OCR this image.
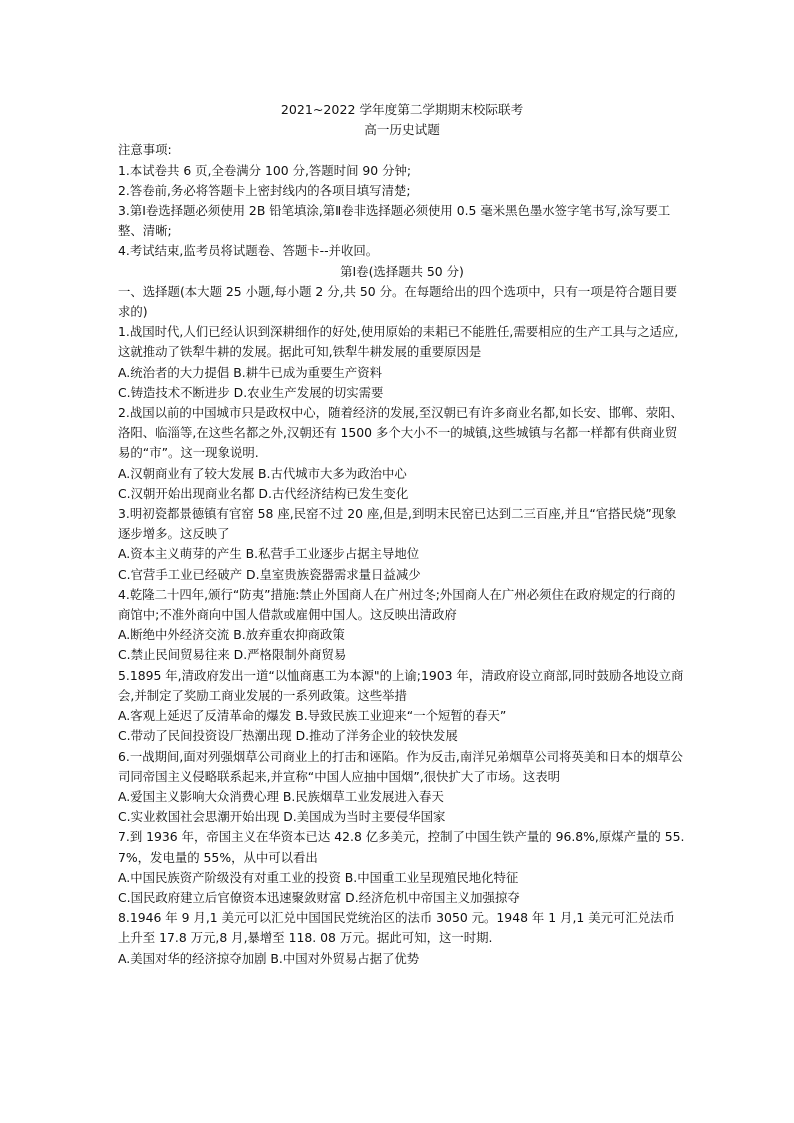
2021~2022 学年度第二学期期末校际联考
高一历史试题
注意事项:
1.本试卷共 6 页,全卷满分 100 分,答题时间 90 分钟;
2.答卷前,务必将答题卡上密封线内的各项目填写清楚;
3.第Ⅰ卷选择题必须使用 2B 铅笔填涂,第Ⅱ卷非选择题必须使用 0.5 毫米黑色墨水签字笔书写,涂写要工整、清晰;
4.考试结束,监考员将试题卷、答题卡--并收回。
第Ⅰ卷(选择题共 50 分)
一、选择题(本大题 25 小题,每小题 2 分,共 50 分。在每题给出的四个选项中，只有一项是符合题目要求的)
1.战国时代,人们已经认识到深耕细作的好处,使用原始的耒耜已不能胜任,需要相应的生产工具与之适应,这就推动了铁犁牛耕的发展。据此可知,铁犁牛耕发展的重要原因是
A.统治者的大力提倡 B.耕牛已成为重要生产资料
C.铸造技术不断进步 D.农业生产发展的切实需要
2.战国以前的中国城市只是政权中心，随着经济的发展,至汉朝已有许多商业名都,如长安、邯郸、荥阳、洛阳、临淄等,在这些名都之外,汉朝还有 1500 多个大小不一的城镇,这些城镇与名都一样都有供商业贸易的“市”。这一现象说明.
A.汉朝商业有了较大发展 B.古代城市大多为政治中心
C.汉朝开始出现商业名都 D.古代经济结构已发生变化
3.明初瓷都景德镇有官窑 58 座,民窑不过 20 座,但是,到明末民窑已达到二三百座,并且“官搭民烧”现象逐步增多。这反映了
A.资本主义萌芽的产生 B.私营手工业逐步占据主导地位
C.官营手工业已经破产 D.皇室贵族瓷器需求量日益减少
4.乾隆二十四年,颁行“防夷”措施:禁止外国商人在广州过冬;外国商人在广州必须住在政府规定的行商的商馆中;不准外商向中国人借款或雇佣中国人。这反映出清政府
A.断绝中外经济交流 B.放弃重农抑商政策
C.禁止民间贸易往来 D.严格限制外商贸易
5.1895 年,清政府发出一道“以恤商惠工为本源"的上谕;1903 年，清政府设立商部,同时鼓励各地设立商会,并制定了奖励工商业发展的一系列政策。这些举措
A.客观上延迟了反清革命的爆发 B.导致民族工业迎来“一个短暂的春天”
C.带动了民间投资设厂热潮出现 D.推动了洋务企业的较快发展
6.一战期间,面对列强烟草公司商业上的打击和诬陷。作为反击,南洋兄弟烟草公司将英美和日本的烟草公司同帝国主义侵略联系起来,并宣称“中国人应抽中国烟”,很快扩大了市场。这表明
A.爱国主义影响大众消费心理 B.民族烟草工业发展进入春天
C.实业救国社会思潮开始出现 D.美国成为当时主要侵华国家
7.到 1936 年，帝国主义在华资本已达 42.8 亿多美元，控制了中国生铁产量的 96.8%,原煤产量的 55.7%，发电量的 55%，从中可以看出
A.中国民族资产阶级没有对重工业的投资 B.中国重工业呈现殖民地化特征
C.国民政府建立后官僚资本迅速聚敛财富 D.经济危机中帝国主义加强掠夺
8.1946 年 9 月,1 美元可以汇兑中国国民党统治区的法币 3050 元。1948 年 1 月,1 美元可汇兑法币上升至 17.8 万元,8 月,暴增至 118. 08 万元。据此可知，这一时期.
A.美国对华的经济掠夺加剧 B.中国对外贸易占据了优势
